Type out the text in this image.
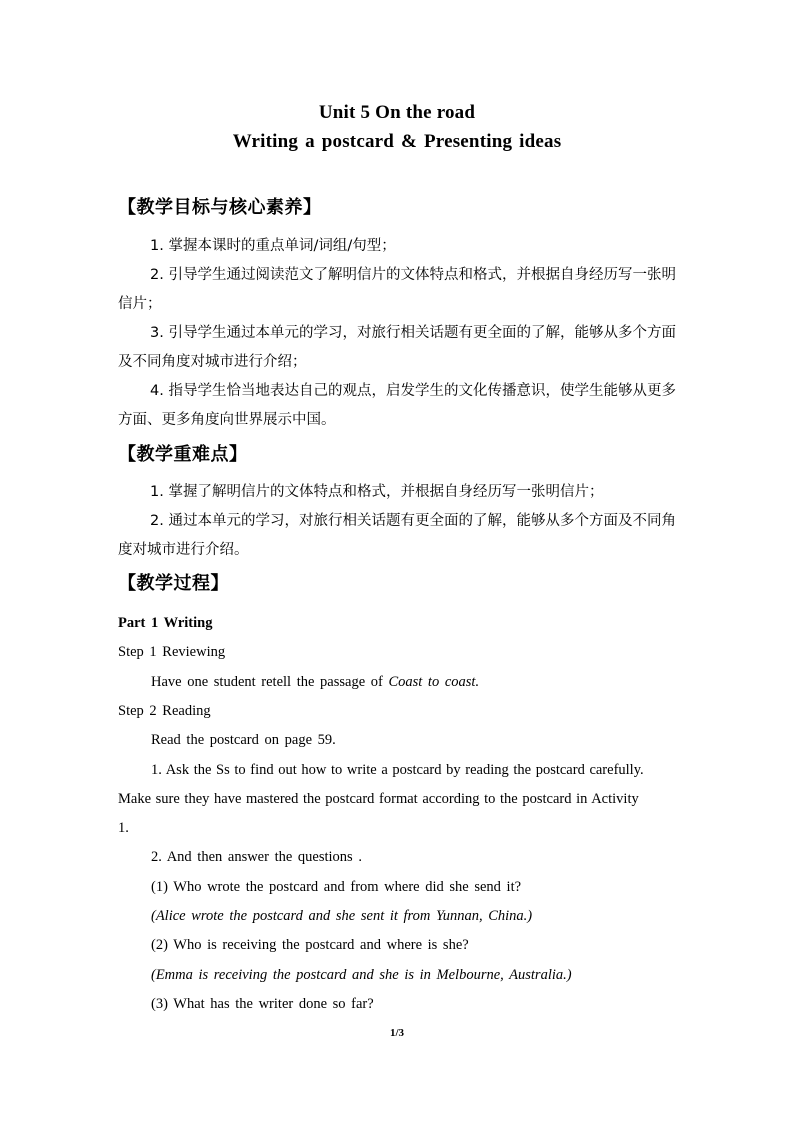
Unit 5 On the road
Writing a postcard & Presenting ideas
【教学目标与核心素养】
1. 掌握本课时的重点单词/词组/句型；
2. 引导学生通过阅读范文了解明信片的文体特点和格式，并根据自身经历写一张明信片；
3. 引导学生通过本单元的学习，对旅行相关话题有更全面的了解，能够从多个方面及不同角度对城市进行介绍；
4. 指导学生恰当地表达自己的观点，启发学生的文化传播意识，使学生能够从更多方面、更多角度向世界展示中国。
【教学重难点】
1. 掌握了解明信片的文体特点和格式，并根据自身经历写一张明信片；
2. 通过本单元的学习，对旅行相关话题有更全面的了解，能够从多个方面及不同角度对城市进行介绍。
【教学过程】
Part 1 Writing
Step 1 Reviewing
Have one student retell the passage of Coast to coast.
Step 2 Reading
Read the postcard on page 59.
1. Ask the Ss to find out how to write a postcard by reading the postcard carefully.
Make sure they have mastered the postcard format according to the postcard in Activity
1.
2. And then answer the questions .
(1) Who wrote the postcard and from where did she send it?
(Alice wrote the postcard and she sent it from Yunnan, China.)
(2) Who is receiving the postcard and where is she?
(Emma is receiving the postcard and she is in Melbourne, Australia.)
(3) What has the writer done so far?
1/3
